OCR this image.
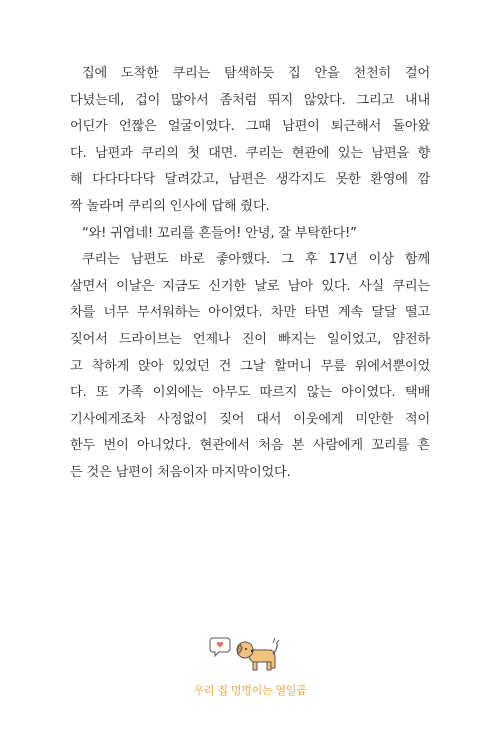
집에 도착한 쿠리는 탐색하듯 집 안을 천천히 걸어
다녔는데, 겁이 많아서 좀처럼 뛰지 않았다. 그리고 내내
어딘가 언짢은 얼굴이었다. 그때 남편이 퇴근해서 돌아왔
다. 남편과 쿠리의 첫 대면. 쿠리는 현관에 있는 남편을 향
해 다다다다닥 달려갔고, 남편은 생각지도 못한 환영에 깜
짝 놀라며 쿠리의 인사에 답해 줬다.
“와! 귀엽네! 꼬리를 흔들어! 안녕, 잘 부탁한다!”
쿠리는 남편도 바로 좋아했다. 그 후 17년 이상 함께
살면서 이날은 지금도 신기한 날로 남아 있다. 사실 쿠리는
차를 너무 무서워하는 아이였다. 차만 타면 계속 달달 떨고
짖어서 드라이브는 언제나 진이 빠지는 일이었고, 얌전하
고 착하게 앉아 있었던 건 그날 할머니 무릎 위에서뿐이었
다. 또 가족 이외에는 아무도 따르지 않는 아이였다. 택배
기사에게조차 사정없이 짖어 대서 이웃에게 미안한 적이
한두 번이 아니었다. 현관에서 처음 본 사람에게 꼬리를 흔
든 것은 남편이 처음이자 마지막이었다.
우리 집 멍멍이는 열일곱
